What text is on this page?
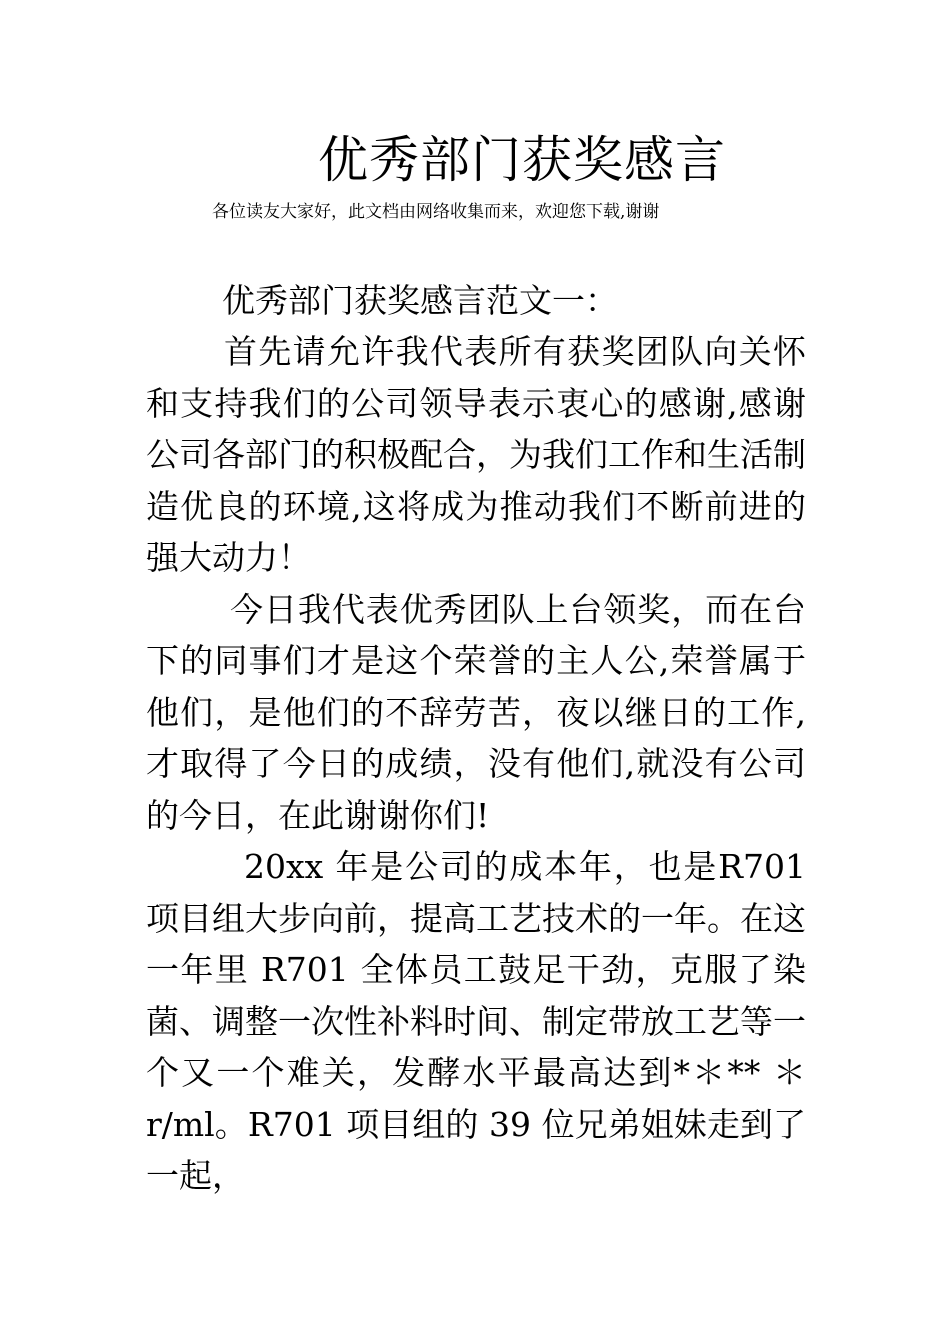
优秀部门获奖感言
各位读友大家好，此文档由网络收集而来，欢迎您下载,谢谢
优秀部门获奖感言范文一：

首先请允许我代表所有获奖团队向关怀和支持我们的公司领导表示衷心的感谢,感谢公司各部门的积极配合，为我们工作和生活制造优良的环境,这将成为推动我们不断前进的强大动力！

今日我代表优秀团队上台领奖，而在台下的同事们才是这个荣誉的主人公,荣誉属于他们，是他们的不辞劳苦，夜以继日的工作,才取得了今日的成绩，没有他们,就没有公司的今日，在此谢谢你们!

20xx 年是公司的成本年，也是R701 项目组大步向前，提高工艺技术的一年。在这一年里 R701 全体员工鼓足干劲，克服了染菌、调整一次性补料时间、制定带放工艺等一个又一个难关，发酵水平最高达到*＊** ＊r/ml。R701 项目组的 39 位兄弟姐妹走到了一起，
